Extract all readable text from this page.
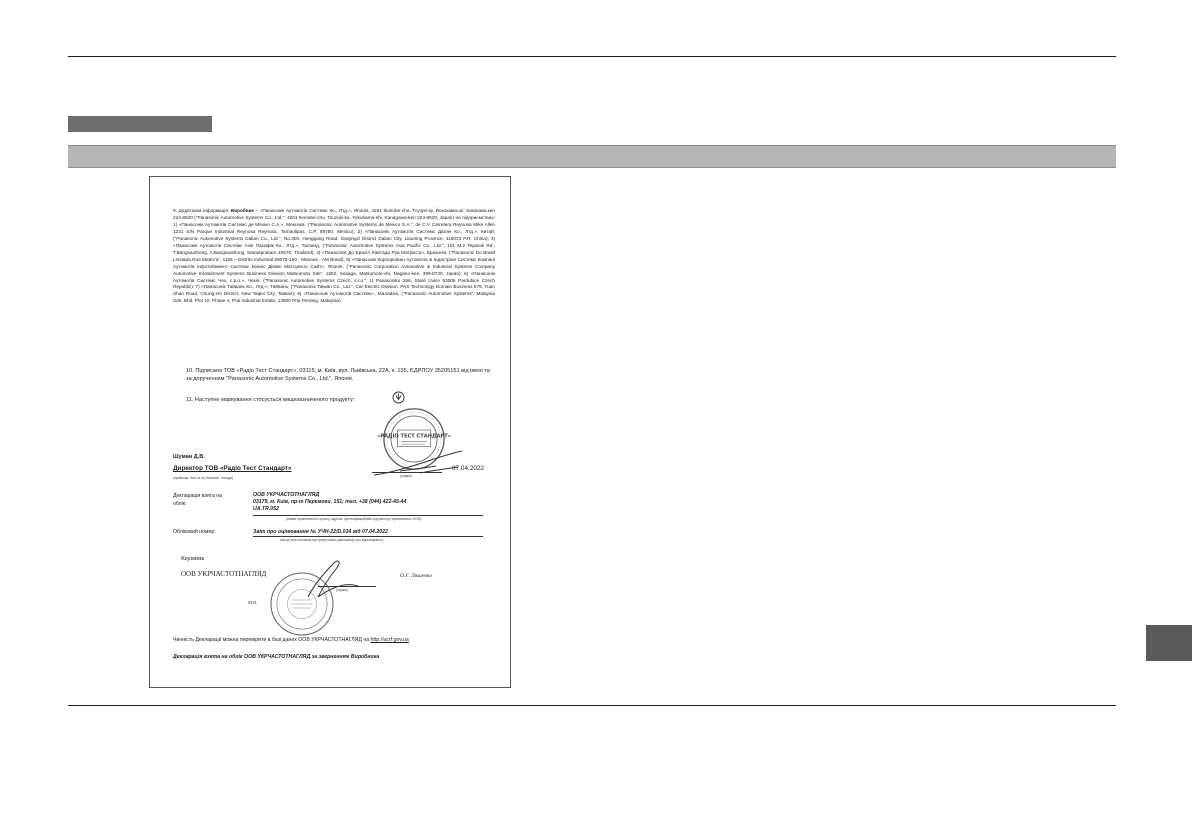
9. Додаткова інформація: Виробник – «Панасонік Аутомотів Системс Ко., Лтд.», Японія, 4261 Ikonobe-cho, Тсузукі-ку, Йокохама-ші, Канагава-кен 224-8520 ("Panasonic Automotive Systems Co., Ltd.", 4261 Ikonobe-cho, Tsuzuki-ku, Yokohama-shi, Kanagawa-ken 224-8520, Japan) на підприємствах: 1) «Панасонік Аутомотів Системс де Мехіко С.А.», Мексика, ("Panasonic Automotive Systems de Mexico S.A.", de C.V Carretera Reynosa Mike Allen 1231 S/N Parque Industrial Reynosa Reynosa, Tamaulipas, C.P. 88780, Mexico); 2) «Панасонік Аутомотів Системс Далян Ко., Лтд.», Китай, ("Panasonic Automotive Systems Dalian Co., Ltd.", No.300, Honggang Road, Ganjingzi District Dalian City, Liaoning Province, 116033 P.R. China); 3) «Панасонік Аутомотів Системс Азія Пасифік Ко., Лтд.», Таїланд, ("Panasonic Automotive Systems Asia Pacific Co., Ltd.", 101 M.2 Teparak Rd., T.Bangsaothong, A.Bangsaothong, Samutprakarn 10570, Thailand); 4) «Панасонік До Брасіл Лімітада Руа Матрікс'а», Бразилія, ("Panasonic Do Brasil Limitada Rua Matrix'a", 1155 – Distrito Industrial 69075-150 - Manaus - AM Brasil); 5) «Панасонік Корпорейшн Аутомотів & Індастріал Системс Компані Аутомотів Інфотейнмент Системс Бізнес Дівіжн Матсумото Сайт», Японія, ("Panasonic Corporation Automotive & Industrial Systems Company Automotive Infotainment Systems Business Division Matsumoto Site", 1652, Sasaga, Matsumoto-shi, Nagano-ken, 399-8730, Japan); 6) «Панасонік Аутомотів Системс Чех, с.р.о.», Чехія, ("Panasonic Automotive Systems Czech, s.r.o.", U Panasoniku 266, Staré Úvice 53006 Pardubice Czech Republic); 7) «Панасонік Тайвань Ко., Лтд.», Тайвань, ("Panasonic Taiwan Co., Ltd.", Car Electric Division, PAS Technology Domain Business 579, Yuan Shan Road, Chung-Ho District, New Taipei City, Taiwan); 8) «Панасонік Аутомотів Системс», Малайзія, ("Panasonic Automotive Systems", Malaysia Sdn. Bhd. Plot 10, Phase 4, Prai Industrial Estate, 13600 Prai Penang, Malaysia).
10. Підписано ТОВ «Радіо Тест Стандарт», 03115, м. Київ, вул. Львівська, 22А, к. 135, ЄДРПОУ 35205151 від імені та за дорученням "Panasonic Automotive Systems Co., Ltd.", Японія.
11. Наступне маркування стосується вищезазначеного продукту:
«РАДІО ТЕСТ СТАНДАРТ»
Шуман Д.В.
Директор ТОВ «Радіо Тест Стандарт»	07.04.2022
(прізвище, ім'я та по батькові, посада)	(підпис)
Декларація взята на облік:
ООВ УКРЧАСТОТНАГЛЯД
03179, м. Київ, пр-т Перемоги, 151; тел. +38 (044) 422-45-44
UA.TR.052
(назва призначеного органу, адреса, ідентифікаційний код реєстру призначених ООВ)
Обліковий номер:	Звіт про оцінювання № УЧН-22/D.034 від 07.04.2022
(місце для позначки про реєстрацію декларації про відповідність)
Керівник
ООВ УКРЧАСТОТНАГЛЯД
(підпис)
О.Г. Ляшенко
М.П.
Чинність Декларації можна перевірити в базі даних ООВ УКРЧАСТОТНАГЛЯД на http://ucrf.gov.ua
Декларація взята на облік ООВ УКРЧАСТОТНАГЛЯД за зверненням Виробника
